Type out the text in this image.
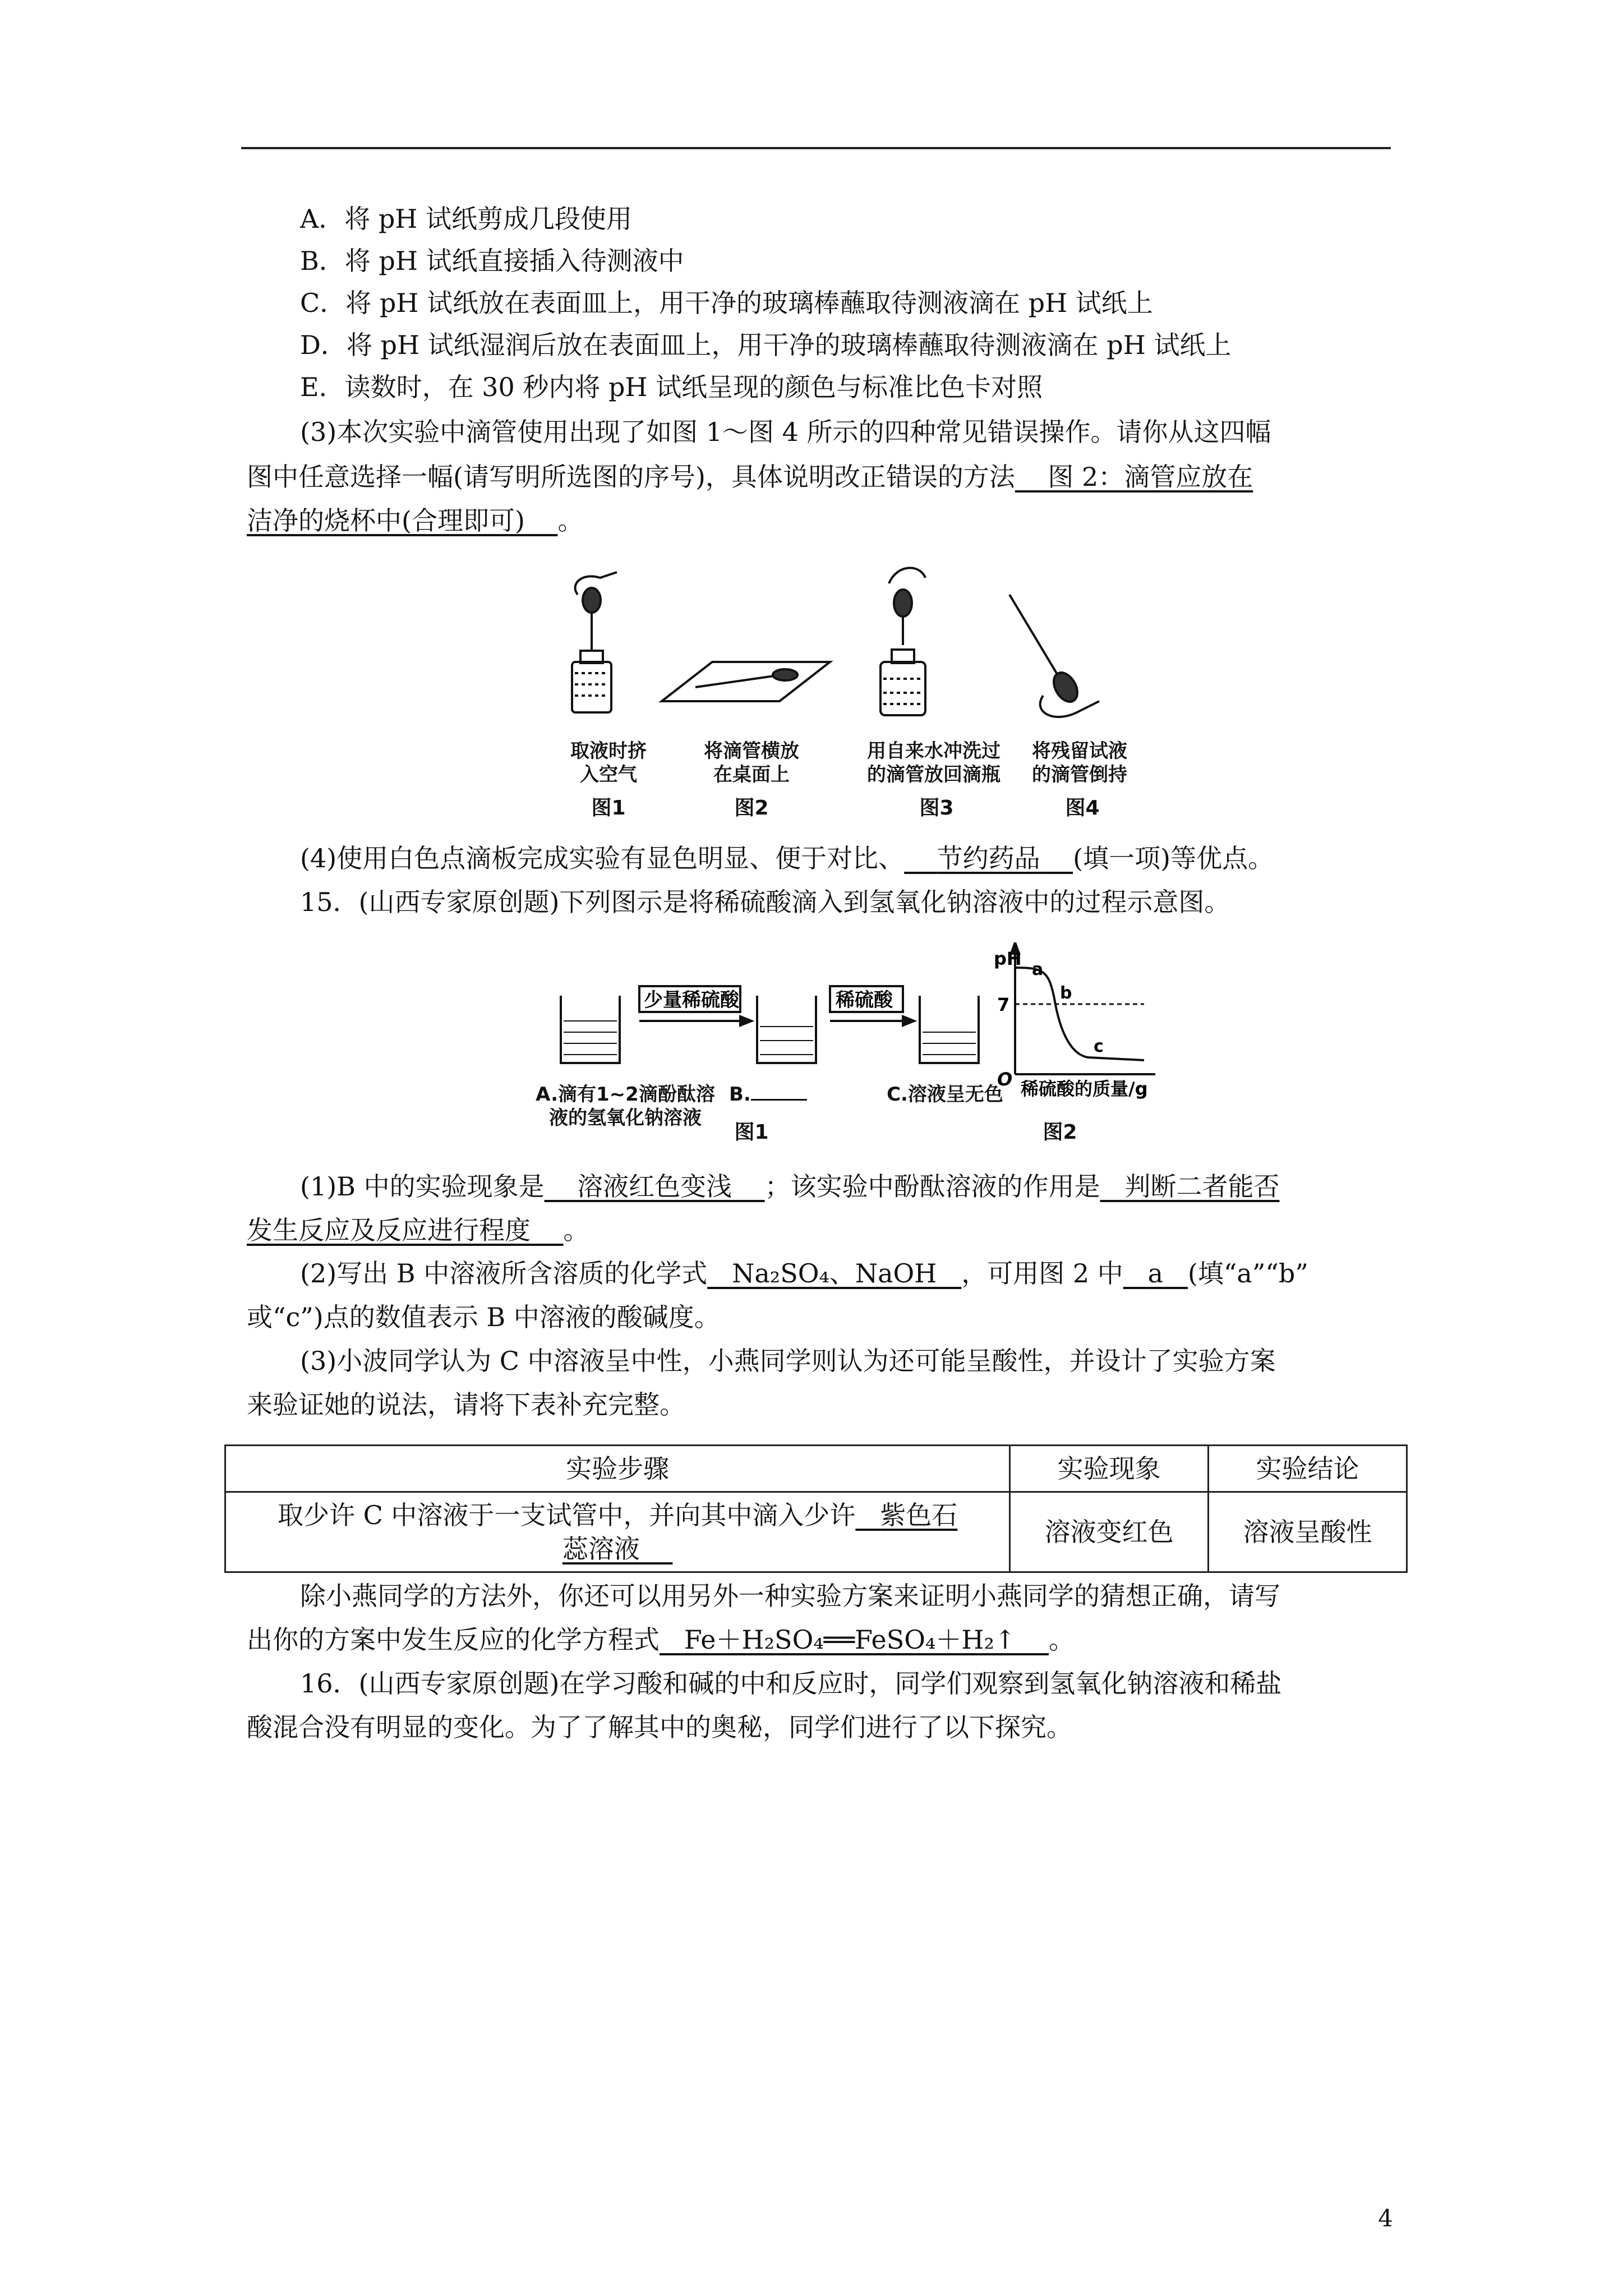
A．将 pH 试纸剪成几段使用
B．将 pH 试纸直接插入待测液中
C．将 pH 试纸放在表面皿上，用干净的玻璃棒蘸取待测液滴在 pH 试纸上
D．将 pH 试纸湿润后放在表面皿上，用干净的玻璃棒蘸取待测液滴在 pH 试纸上
E．读数时，在 30 秒内将 pH 试纸呈现的颜色与标准比色卡对照
(3)本次实验中滴管使用出现了如图 1～图 4 所示的四种常见错误操作。请你从这四幅
图中任意选择一幅(请写明所选图的序号)，具体说明改正错误的方法 图 2：滴管应放在
洁净的烧杯中(合理即可) 。
取液时挤
入空气
将滴管横放
在桌面上
用自来水冲洗过
的滴管放回滴瓶
将残留试液
的滴管倒持
图1	图2	图3	图4
(4)使用白色点滴板完成实验有显色明显、便于对比、 节约药品 (填一项)等优点。
15．(山西专家原创题)下列图示是将稀硫酸滴入到氢氧化钠溶液中的过程示意图。
少量稀硫酸	稀硫酸
pH
7
O
a
b
c
稀硫酸的质量/g
A.滴有1~2滴酚酞溶
液的氢氧化钠溶液
B.	C.溶液呈无色
图1	图2
(1)B 中的实验现象是 溶液红色变浅 ；该实验中酚酞溶液的作用是 判断二者能否
发生反应及反应进行程度 。
(2)写出 B 中溶液所含溶质的化学式 Na₂SO₄、NaOH ，可用图 2 中 a (填“a”“b”
或“c”)点的数值表示 B 中溶液的酸碱度。
(3)小波同学认为 C 中溶液呈中性，小燕同学则认为还可能呈酸性，并设计了实验方案
来验证她的说法，请将下表补充完整。
实验步骤	实验现象	实验结论
取少许 C 中溶液于一支试管中，并向其中滴入少许 紫色石
蕊溶液	溶液变红色	溶液呈酸性
除小燕同学的方法外，你还可以用另外一种实验方案来证明小燕同学的猜想正确，请写
出你的方案中发生反应的化学方程式 Fe＋H₂SO₄══FeSO₄＋H₂↑ 。
16．(山西专家原创题)在学习酸和碱的中和反应时，同学们观察到氢氧化钠溶液和稀盐
酸混合没有明显的变化。为了了解其中的奥秘，同学们进行了以下探究。
4
